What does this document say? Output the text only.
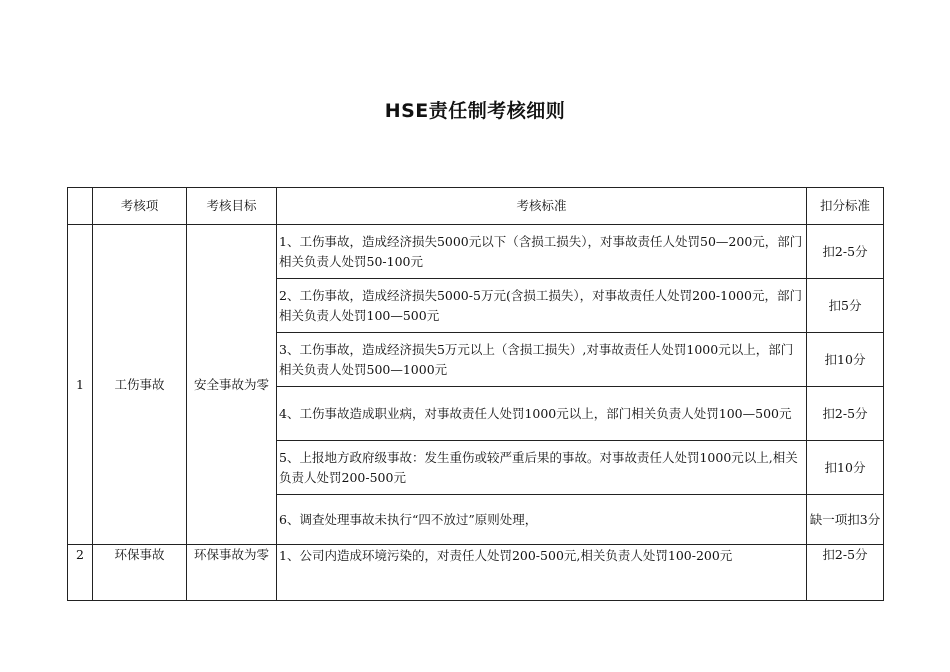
HSE责任制考核细则
	考核项	考核目标	考核标准	扣分标准
1	工伤事故	安全事故为零	1、工伤事故，造成经济损失5000元以下（含损工损失），对事故责任人处罚50—200元，部门相关负责人处罚50-100元	扣2-5分
			2、工伤事故，造成经济损失5000-5万元(含损工损失），对事故责任人处罚200-1000元，部门相关负责人处罚100—500元	扣5分
			3、工伤事故，造成经济损失5万元以上（含损工损失）,对事故责任人处罚1000元以上，部门相关负责人处罚500—1000元	扣10分
			4、工伤事故造成职业病，对事故责任人处罚1000元以上，部门相关负责人处罚100—500元	扣2-5分
			5、上报地方政府级事故：发生重伤或较严重后果的事故。对事故责任人处罚1000元以上,相关负责人处罚200-500元	扣10分
			6、调查处理事故未执行“四不放过”原则处理，	缺一项扣3分
2	环保事故	环保事故为零	1、公司内造成环境污染的，对责任人处罚200-500元,相关负责人处罚100-200元	扣2-5分
